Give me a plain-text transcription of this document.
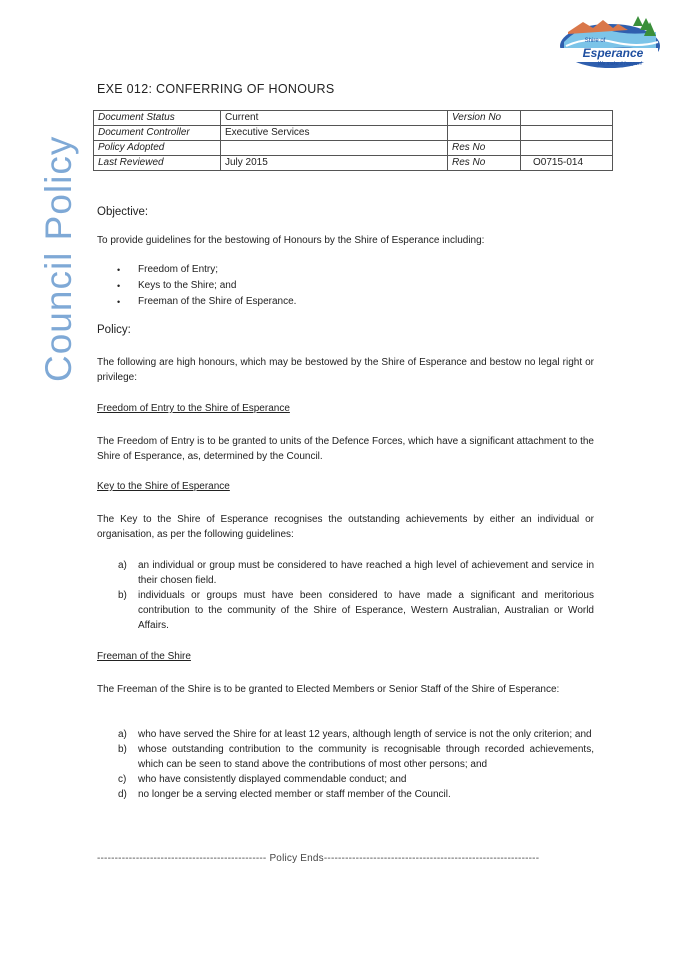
Council Policy
Shire of
Esperance
We make it happen!
EXE 012: CONFERRING OF HONOURS
Document Status	Current	Version No	
Document Controller	Executive Services		
Policy Adopted		Res No	
Last Reviewed	July 2015	Res No	O0715-014
Objective:
To provide guidelines for the bestowing of Honours by the Shire of Esperance including:
• Freedom of Entry;
• Keys to the Shire; and
• Freeman of the Shire of Esperance.
Policy:
The following are high honours, which may be bestowed by the Shire of Esperance and bestow no legal right or privilege:
Freedom of Entry to the Shire of Esperance
The Freedom of Entry is to be granted to units of the Defence Forces, which have a significant attachment to the Shire of Esperance, as, determined by the Council.
Key to the Shire of Esperance
The Key to the Shire of Esperance recognises the outstanding achievements by either an individual or organisation, as per the following guidelines:
a) an individual or group must be considered to have reached a high level of achievement and service in their chosen field.
b) individuals or groups must have been considered to have made a significant and meritorious contribution to the community of the Shire of Esperance, Western Australian, Australian or World Affairs.
Freeman of the Shire
The Freeman of the Shire is to be granted to Elected Members or Senior Staff of the Shire of Esperance:
a) who have served the Shire for at least 12 years, although length of service is not the only criterion; and
b) whose outstanding contribution to the community is recognisable through recorded achievements, which can be seen to stand above the contributions of most other persons; and
c) who have consistently displayed commendable conduct; and
d) no longer be a serving elected member or staff member of the Council.
------------------------------------------------ Policy Ends-------------------------------------------------------------
